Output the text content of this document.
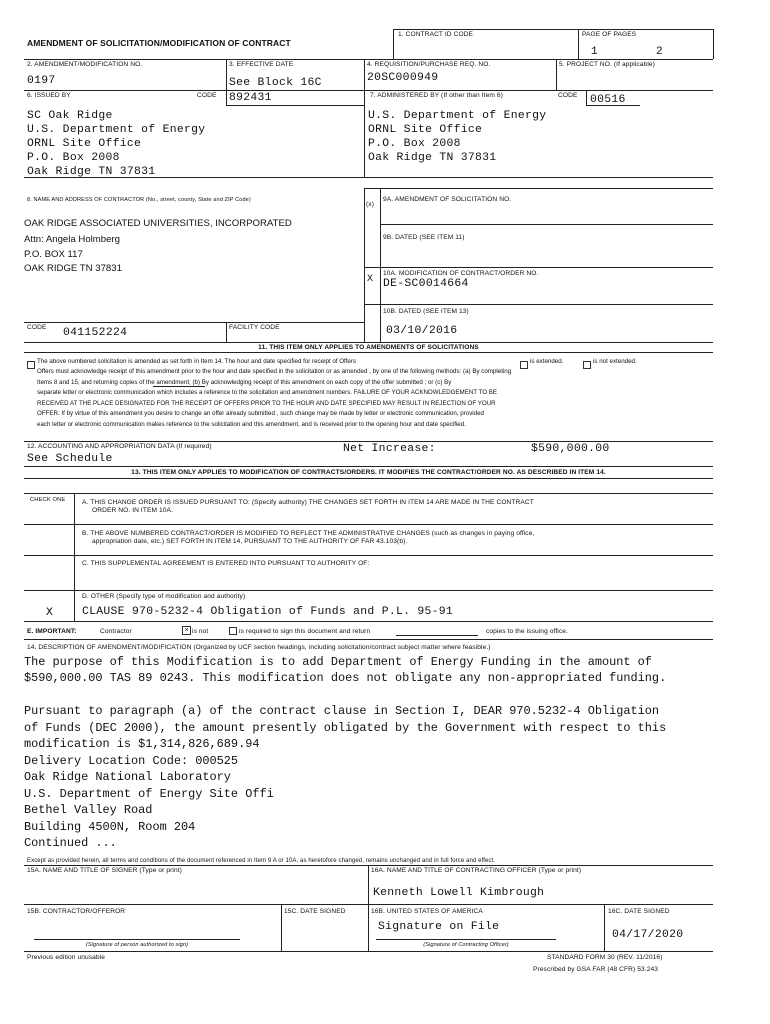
AMENDMENT OF SOLICITATION/MODIFICATION OF CONTRACT
1. CONTRACT ID CODE	PAGE OF PAGES
1	2
2. AMENDMENT/MODIFICATION NO.
0197
3. EFFECTIVE DATE
See Block 16C
4. REQUISITION/PURCHASE REQ. NO.
20SC000949
5. PROJECT NO. (If applicable)
6. ISSUED BY	CODE 892431	7. ADMINISTERED BY (If other than Item 6)	CODE 00516
SC Oak Ridge
U.S. Department of Energy
ORNL Site Office
P.O. Box 2008
Oak Ridge TN 37831
U.S. Department of Energy
ORNL Site Office
P.O. Box 2008
Oak Ridge TN 37831
8. NAME AND ADDRESS OF CONTRACTOR (No., street, county, State and ZIP Code)
OAK RIDGE ASSOCIATED UNIVERSITIES, INCORPORATED
Attn: Angela Holmberg
P.O. BOX 117
OAK RIDGE TN 37831
(x)
9A. AMENDMENT OF SOLICITATION NO.
9B. DATED (SEE ITEM 11)
10A. MODIFICATION OF CONTRACT/ORDER NO.
X DE-SC0014664
10B. DATED (SEE ITEM 13)
03/10/2016
CODE 041152224	FACILITY CODE
11. THIS ITEM ONLY APPLIES TO AMENDMENTS OF SOLICITATIONS
The above numbered solicitation is amended as set forth in Item 14. The hour and date specified for receipt of Offers	is extended.	is not extended.
Offers must acknowledge receipt of this amendment prior to the hour and date specified in the solicitation or as amended , by one of the following methods: (a) By completing
Items 8 and 15, and returning copies of the amendment; (b) By acknowledging receipt of this amendment on each copy of the offer submitted ; or (c) By
separate letter or electronic communication which includes a reference to the solicitation and amendment numbers. FAILURE OF YOUR ACKNOWLEDGEMENT TO BE
RECEIVED AT THE PLACE DESIGNATED FOR THE RECEIPT OF OFFERS PRIOR TO THE HOUR AND DATE SPECIFIED MAY RESULT IN REJECTION OF YOUR
OFFER. If by virtue of this amendment you desire to change an offer already submitted , such change may be made by letter or electronic communication, provided
each letter or electronic communication makes reference to the solicitation and this amendment, and is received prior to the opening hour and date specified.
12. ACCOUNTING AND APPROPRIATION DATA (If required)
See Schedule
Net Increase:	$590,000.00
13. THIS ITEM ONLY APPLIES TO MODIFICATION OF CONTRACTS/ORDERS. IT MODIFIES THE CONTRACT/ORDER NO. AS DESCRIBED IN ITEM 14.
CHECK ONE	A. THIS CHANGE ORDER IS ISSUED PURSUANT TO: (Specify authority) THE CHANGES SET FORTH IN ITEM 14 ARE MADE IN THE CONTRACT
ORDER NO. IN ITEM 10A.
B. THE ABOVE NUMBERED CONTRACT/ORDER IS MODIFIED TO REFLECT THE ADMINISTRATIVE CHANGES (such as changes in paying office,
appropriation date, etc.) SET FORTH IN ITEM 14, PURSUANT TO THE AUTHORITY OF FAR 43.103(b).
C. THIS SUPPLEMENTAL AGREEMENT IS ENTERED INTO PURSUANT TO AUTHORITY OF:
D. OTHER (Specify type of modification and authority)
X	CLAUSE 970-5232-4 Obligation of Funds and P.L. 95-91
E. IMPORTANT:	Contractor	× is not	is required to sign this document and return	copies to the issuing office.
14. DESCRIPTION OF AMENDMENT/MODIFICATION (Organized by UCF section headings, including solicitation/contract subject matter where feasible.)
The purpose of this Modification is to add Department of Energy Funding in the amount of
$590,000.00 TAS 89 0243. This modification does not obligate any non-appropriated funding.
Pursuant to paragraph (a) of the contract clause in Section I, DEAR 970.5232-4 Obligation
of Funds (DEC 2000), the amount presently obligated by the Government with respect to this
modification is $1,314,826,689.94
Delivery Location Code: 000525
Oak Ridge National Laboratory
U.S. Department of Energy Site Offi
Bethel Valley Road
Building 4500N, Room 204
Continued ...
Except as provided herein, all terms and conditions of the document referenced in Item 9 A or 10A, as heretofore changed, remains unchanged and in full force and effect.
15A. NAME AND TITLE OF SIGNER (Type or print)	16A. NAME AND TITLE OF CONTRACTING OFFICER (Type or print)
Kenneth Lowell Kimbrough
15B. CONTRACTOR/OFFEROR	15C. DATE SIGNED	16B. UNITED STATES OF AMERICA
Signature on File
16C. DATE SIGNED
04/17/2020
(Signature of person authorized to sign)	(Signature of Contracting Officer)
Previous edition unusable	STANDARD FORM 30 (REV. 11/2016)
Prescribed by GSA FAR (48 CFR) 53.243
